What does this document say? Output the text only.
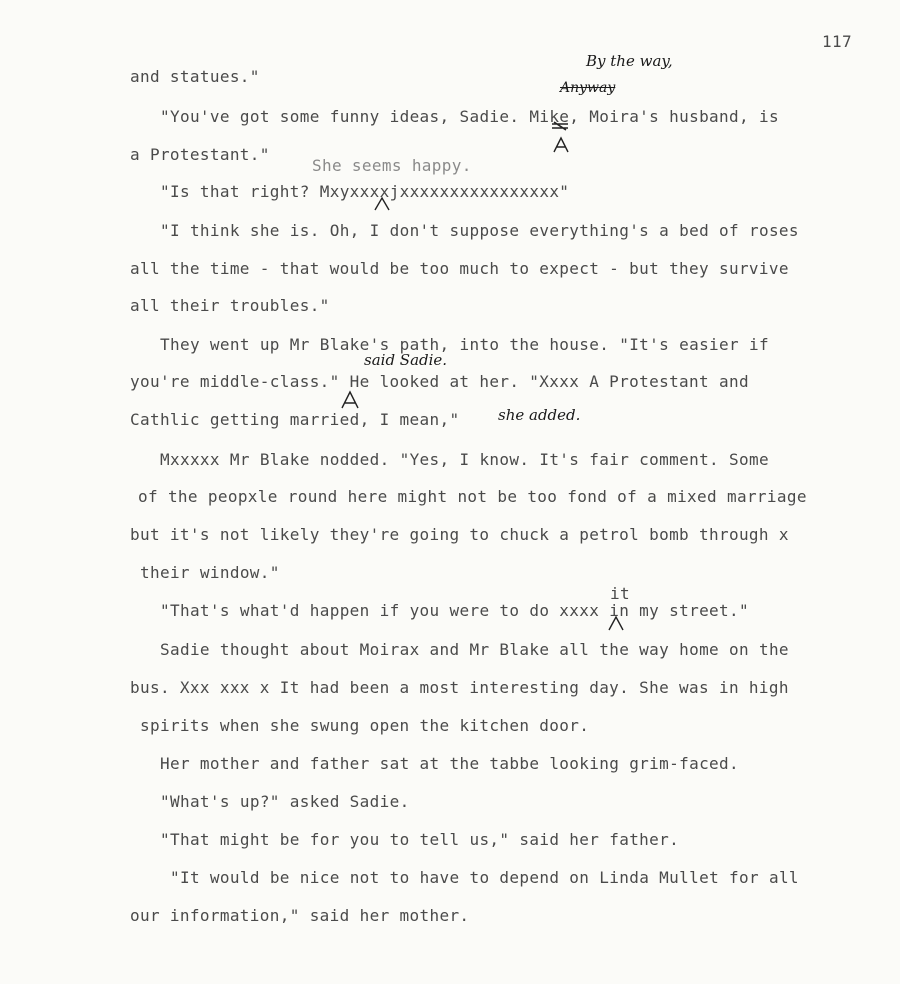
117
By the way,
Anyway
and statues."
"You've got some funny ideas, Sadie. Mike, Moira's husband, is
a Protestant."
She seems happy.
"Is that right? Mxyxxxxjxxxxxxxxxxxxxxxx"
"I think she is. Oh, I don't suppose everything's a bed of roses
all the time - that would be too much to expect - but they survive
all their troubles."
They went up Mr Blake's path, into the house. "It's easier if
said Sadie.
you're middle-class." He looked at her. "Xxxx A Protestant and
Cathlic getting married, I mean,"	she added.
Mxxxxx Mr Blake nodded. "Yes, I know. It's fair comment. Some
of the peopxle round here might not be too fond of a mixed marriage
but it's not likely they're going to chuck a petrol bomb through x
their window."
it
"That's what'd happen if you were to do xxxx in my street."
Sadie thought about Moirax and Mr Blake all the way home on the
bus. Xxx xxx x It had been a most interesting day. She was in high
spirits when she swung open the kitchen door.
Her mother and father sat at the tabbe looking grim-faced.
"What's up?" asked Sadie.
"That might be for you to tell us," said her father.
"It would be nice not to have to depend on Linda Mullet for all
our information," said her mother.
